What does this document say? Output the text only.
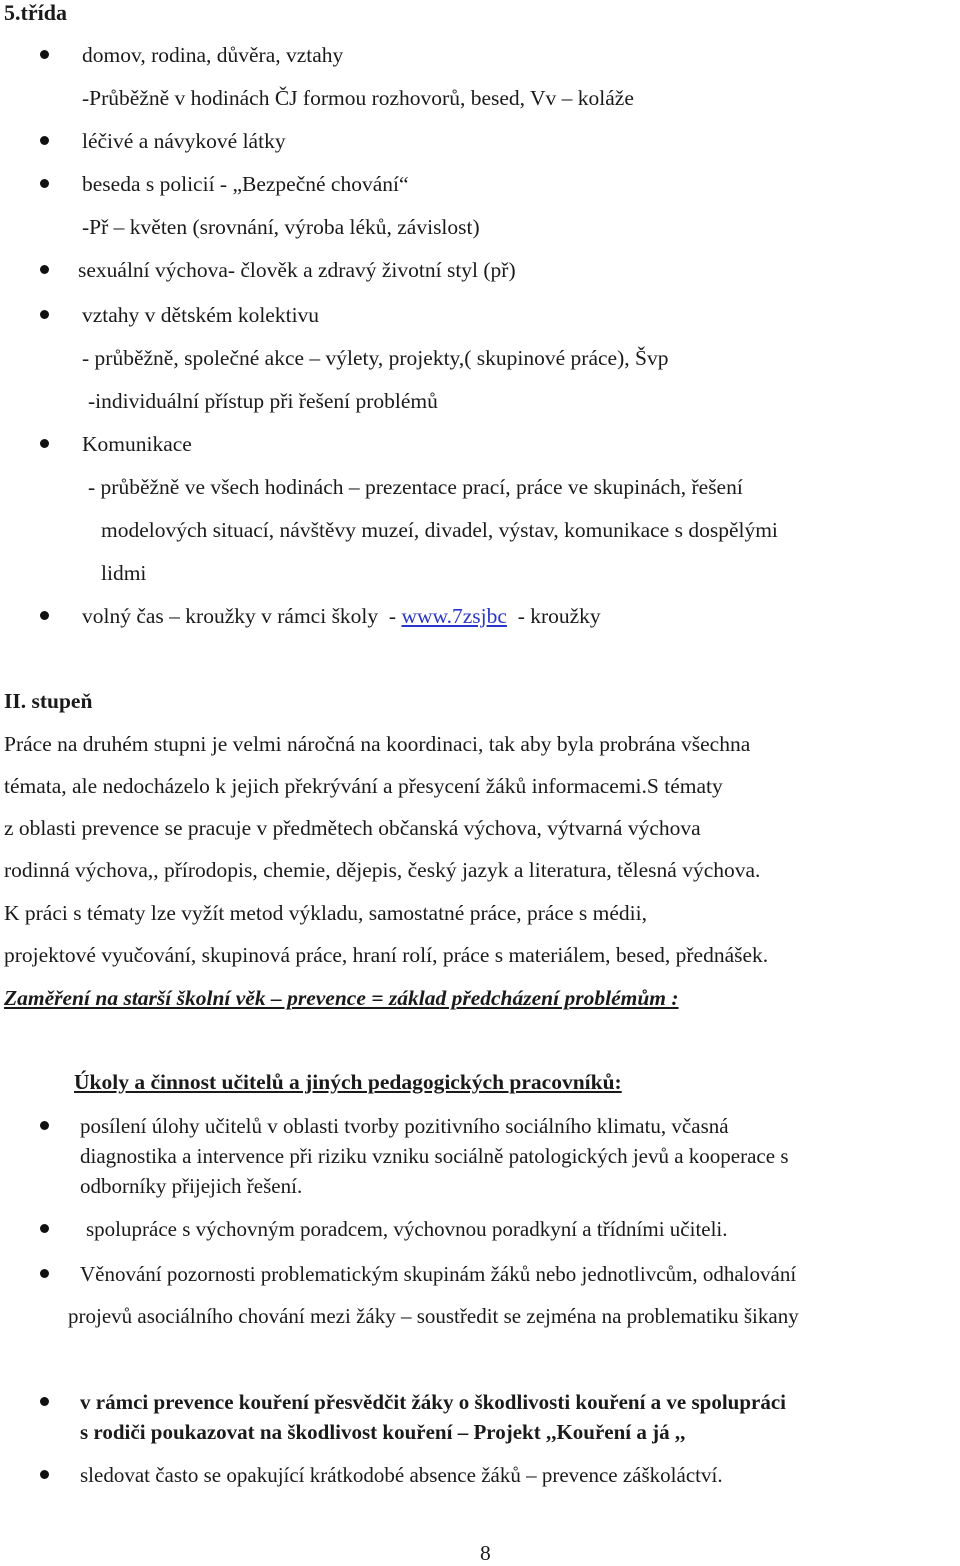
5.třída
domov, rodina, důvěra, vztahy
-Průběžně v hodinách ČJ formou rozhovorů, besed, Vv – koláže
léčivé a návykové látky
beseda s policií - „Bezpečné chování“
-Př – květen (srovnání, výroba léků, závislost)
sexuální výchova- člověk a zdravý životní styl (př)
vztahy v dětském kolektivu
- průběžně, společné akce – výlety, projekty,( skupinové práce), Švp
-individuální přístup při řešení problémů
Komunikace
- průběžně ve všech hodinách – prezentace prací, práce ve skupinách, řešení
modelových situací, návštěvy muzeí, divadel, výstav, komunikace s dospělými
lidmi
volný čas – kroužky v rámci školy  - www.7zsjbc  - kroužky
II. stupeň
Práce na druhém stupni je velmi náročná na koordinaci, tak aby byla probrána všechna
témata, ale nedocházelo k jejich překrývání a přesycení žáků informacemi.S tématy
z oblasti prevence se pracuje v předmětech občanská výchova, výtvarná výchova
rodinná výchova,, přírodopis, chemie, dějepis, český jazyk a literatura, tělesná výchova.
K práci s tématy lze vyžít metod výkladu, samostatné práce, práce s médii,
projektové vyučování, skupinová práce, hraní rolí, práce s materiálem, besed, přednášek.
Zaměření na starší školní věk – prevence = základ předcházení problémům :
Úkoly a činnost učitelů a jiných pedagogických pracovníků:
posílení úlohy učitelů v oblasti tvorby pozitivního sociálního klimatu, včasná
diagnostika a intervence při riziku vzniku sociálně patologických jevů a kooperace s
odborníky přijejich řešení.
spolupráce s výchovným poradcem, výchovnou poradkyní a třídními učiteli.
Věnování pozornosti problematickým skupinám žáků nebo jednotlivcům, odhalování
projevů asociálního chování mezi žáky – soustředit se zejména na problematiku šikany
v rámci prevence kouření přesvědčit žáky o škodlivosti kouření a ve spolupráci
s rodiči poukazovat na škodlivost kouření – Projekt ,,Kouření a já ,,
sledovat často se opakující krátkodobé absence žáků – prevence záškoláctví.
8
